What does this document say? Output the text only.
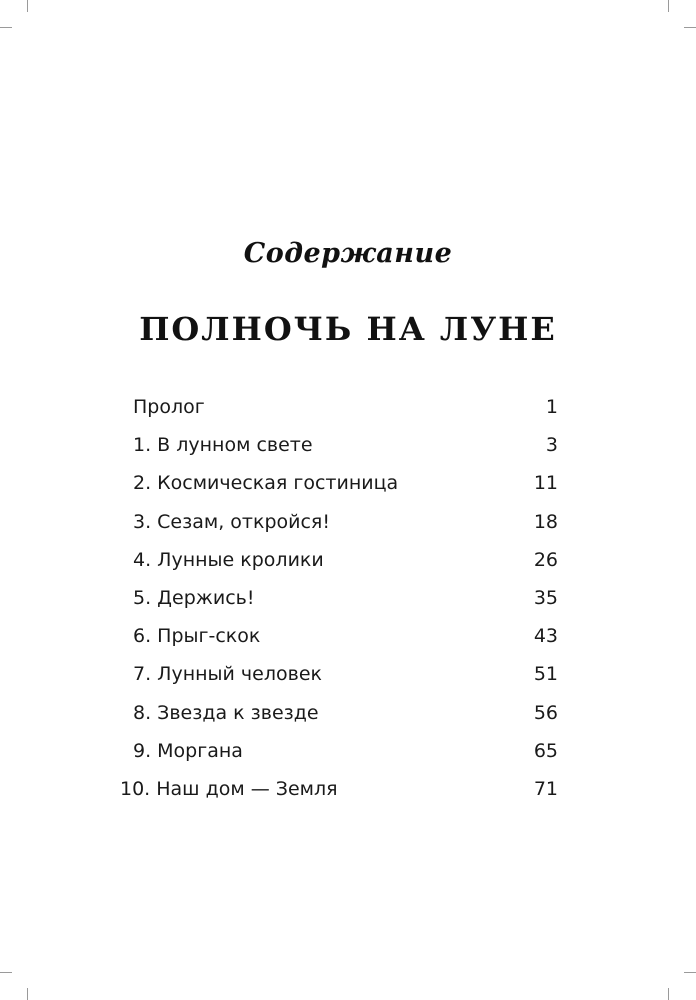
Содержание
ПОЛНОЧЬ НА ЛУНЕ
Пролог	1
1. В лунном свете	3
2. Космическая гостиница	11
3. Сезам, откройся!	18
4. Лунные кролики	26
5. Держись!	35
6. Прыг-скок	43
7. Лунный человек	51
8. Звезда к звезде	56
9. Моргана	65
10. Наш дом — Земля	71
